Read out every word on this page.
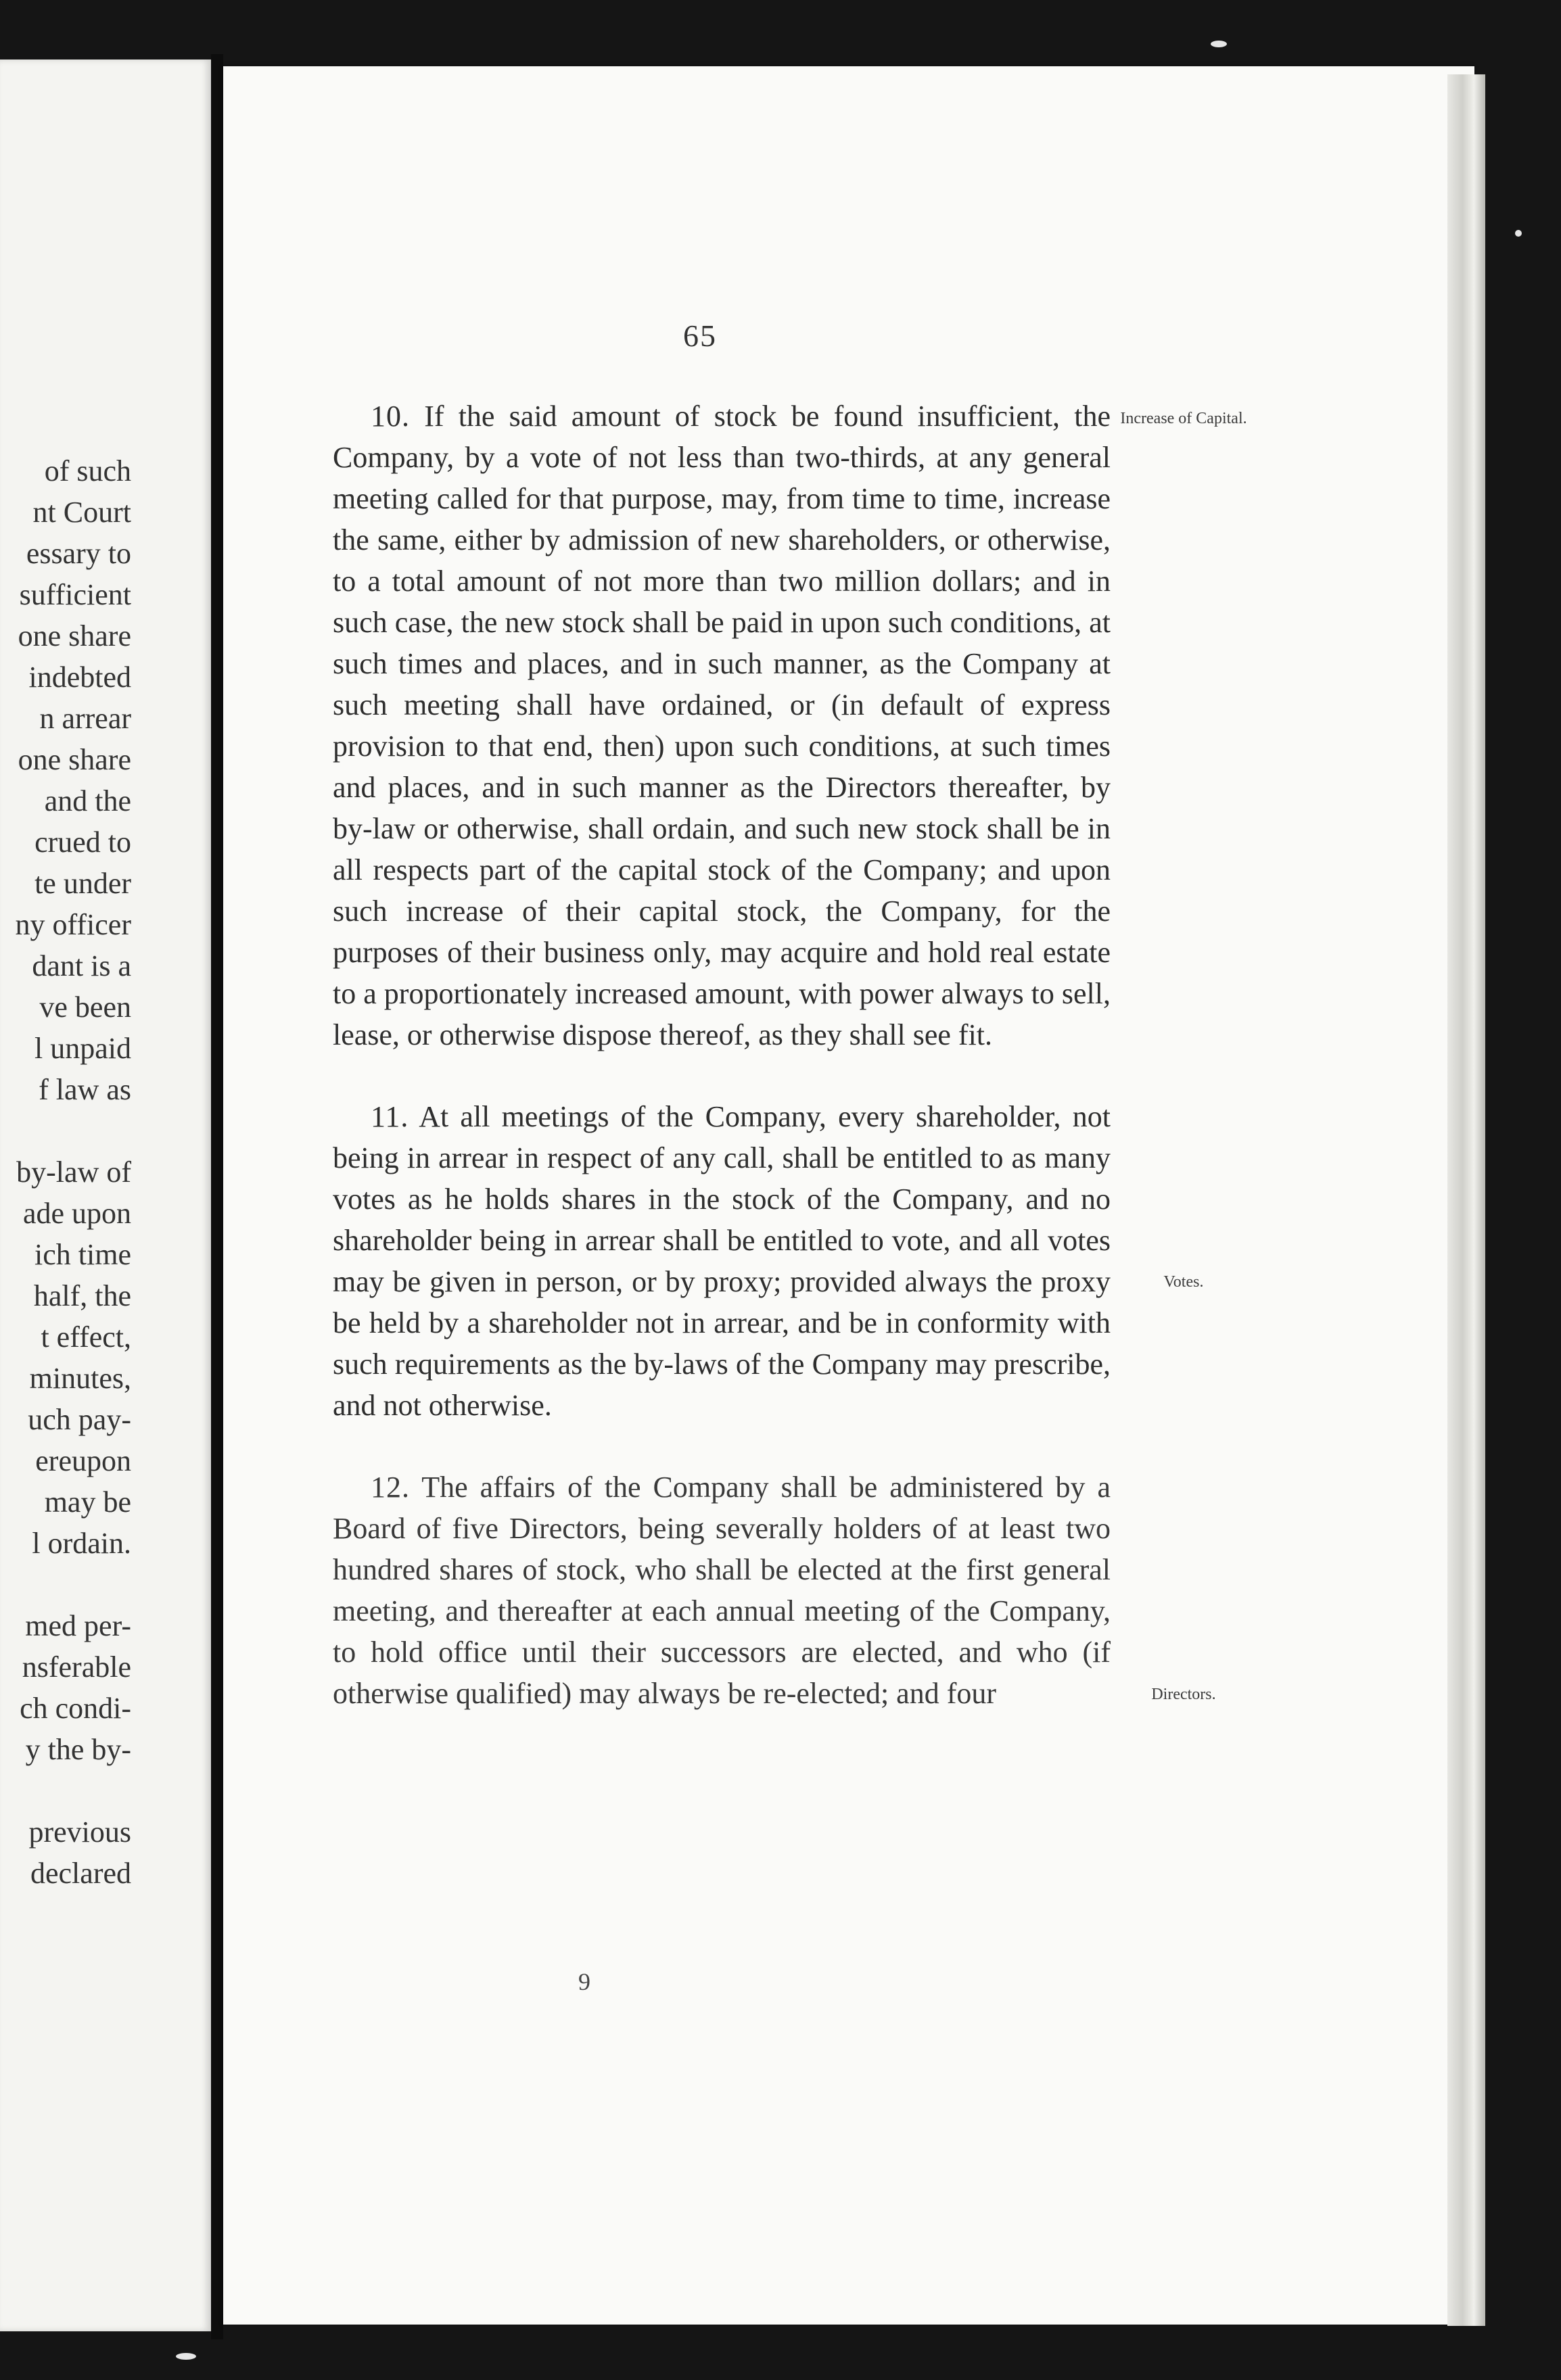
of such
nt Court
essary to
sufficient
one share
indebted
n arrear
one share
and the
crued to
te under
ny officer
dant is a
ve been
l unpaid
f law as
by-law of
ade upon
ich time
half, the
t effect,
minutes,
uch pay-
ereupon
may be
l ordain.
med per-
nsferable
ch condi-
y the by-
previous
declared
65

10. If the said amount of stock be found insufficient, the Company, by a vote of not less than two-thirds, at any general meeting called for that purpose, may, from time to time, increase the same, either by admission of new shareholders, or otherwise, to a total amount of not more than two million dollars; and in such case, the new stock shall be paid in upon such conditions, at such times and places, and in such manner, as the Company at such meeting shall have ordained, or (in default of express provision to that end, then) upon such conditions, at such times and places, and in such manner as the Directors thereafter, by by-law or otherwise, shall ordain, and such new stock shall be in all respects part of the capital stock of the Company; and upon such increase of their capital stock, the Company, for the purposes of their business only, may acquire and hold real estate to a proportionately increased amount, with power always to sell, lease, or otherwise dispose thereof, as they shall see fit.

11. At all meetings of the Company, every shareholder, not being in arrear in respect of any call, shall be entitled to as many votes as he holds shares in the stock of the Company, and no shareholder being in arrear shall be entitled to vote, and all votes may be given in person, or by proxy; provided always the proxy be held by a shareholder not in arrear, and be in conformity with such requirements as the by-laws of the Company may prescribe, and not otherwise.

12. The affairs of the Company shall be administered by a Board of five Directors, being severally holders of at least two hundred shares of stock, who shall be elected at the first general meeting, and thereafter at each annual meeting of the Company, to hold office until their successors are elected, and who (if otherwise qualified) may always be re-elected; and four

Increase of Capital.
Votes.
Directors.
9
